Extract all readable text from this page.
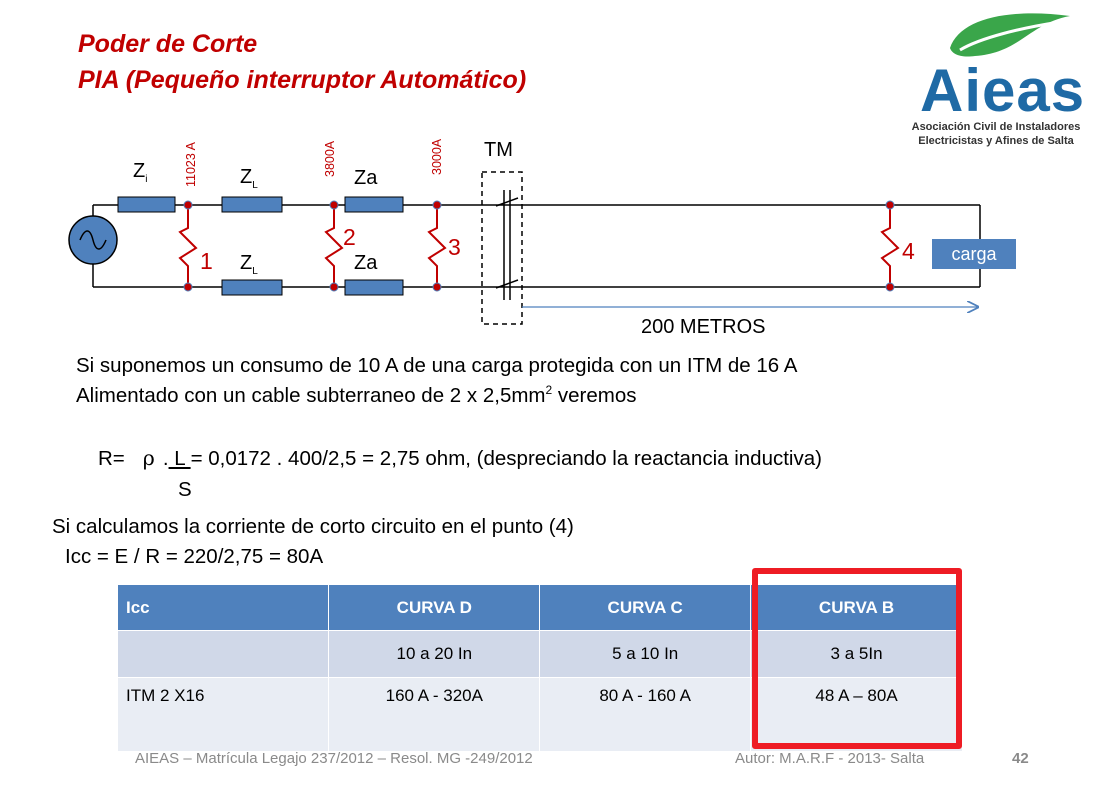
Poder de Corte
PIA (Pequeño interruptor Automático)	Aieas
Asociación Civil de Instaladores
Electricistas y Afines de Salta
11023 A	3800A	3000A
$Z_i$	$Z_L$	Za
$Z_L$	Za
TM
200 METROS
1
2	3	4	carga
Si suponemos un consumo de 10 A de una carga protegida con un ITM de 16 A
Alimentado con un cable subterraneo de 2 x $2,5mm^2$ veremos
R= ρ . L = 0,0172 . 400/2,5 = 2,75 ohm, (despreciando la reactancia inductiva)
S
Si calculamos la corriente de corto circuito en el punto (4)
Icc = E / R = 220/2,75 = 80A
Icc	CURVA D	CURVA C	CURVA B
	10 a 20 In	5 a 10 In	3 a 5In
ITM 2 X16	160 A - 320A	80 A - 160 A	48 A – 80A
AIEAS – Matrícula Legajo 237/2012 – Resol. MG -249/2012	Autor: M.A.R.F - 2013- Salta	42
